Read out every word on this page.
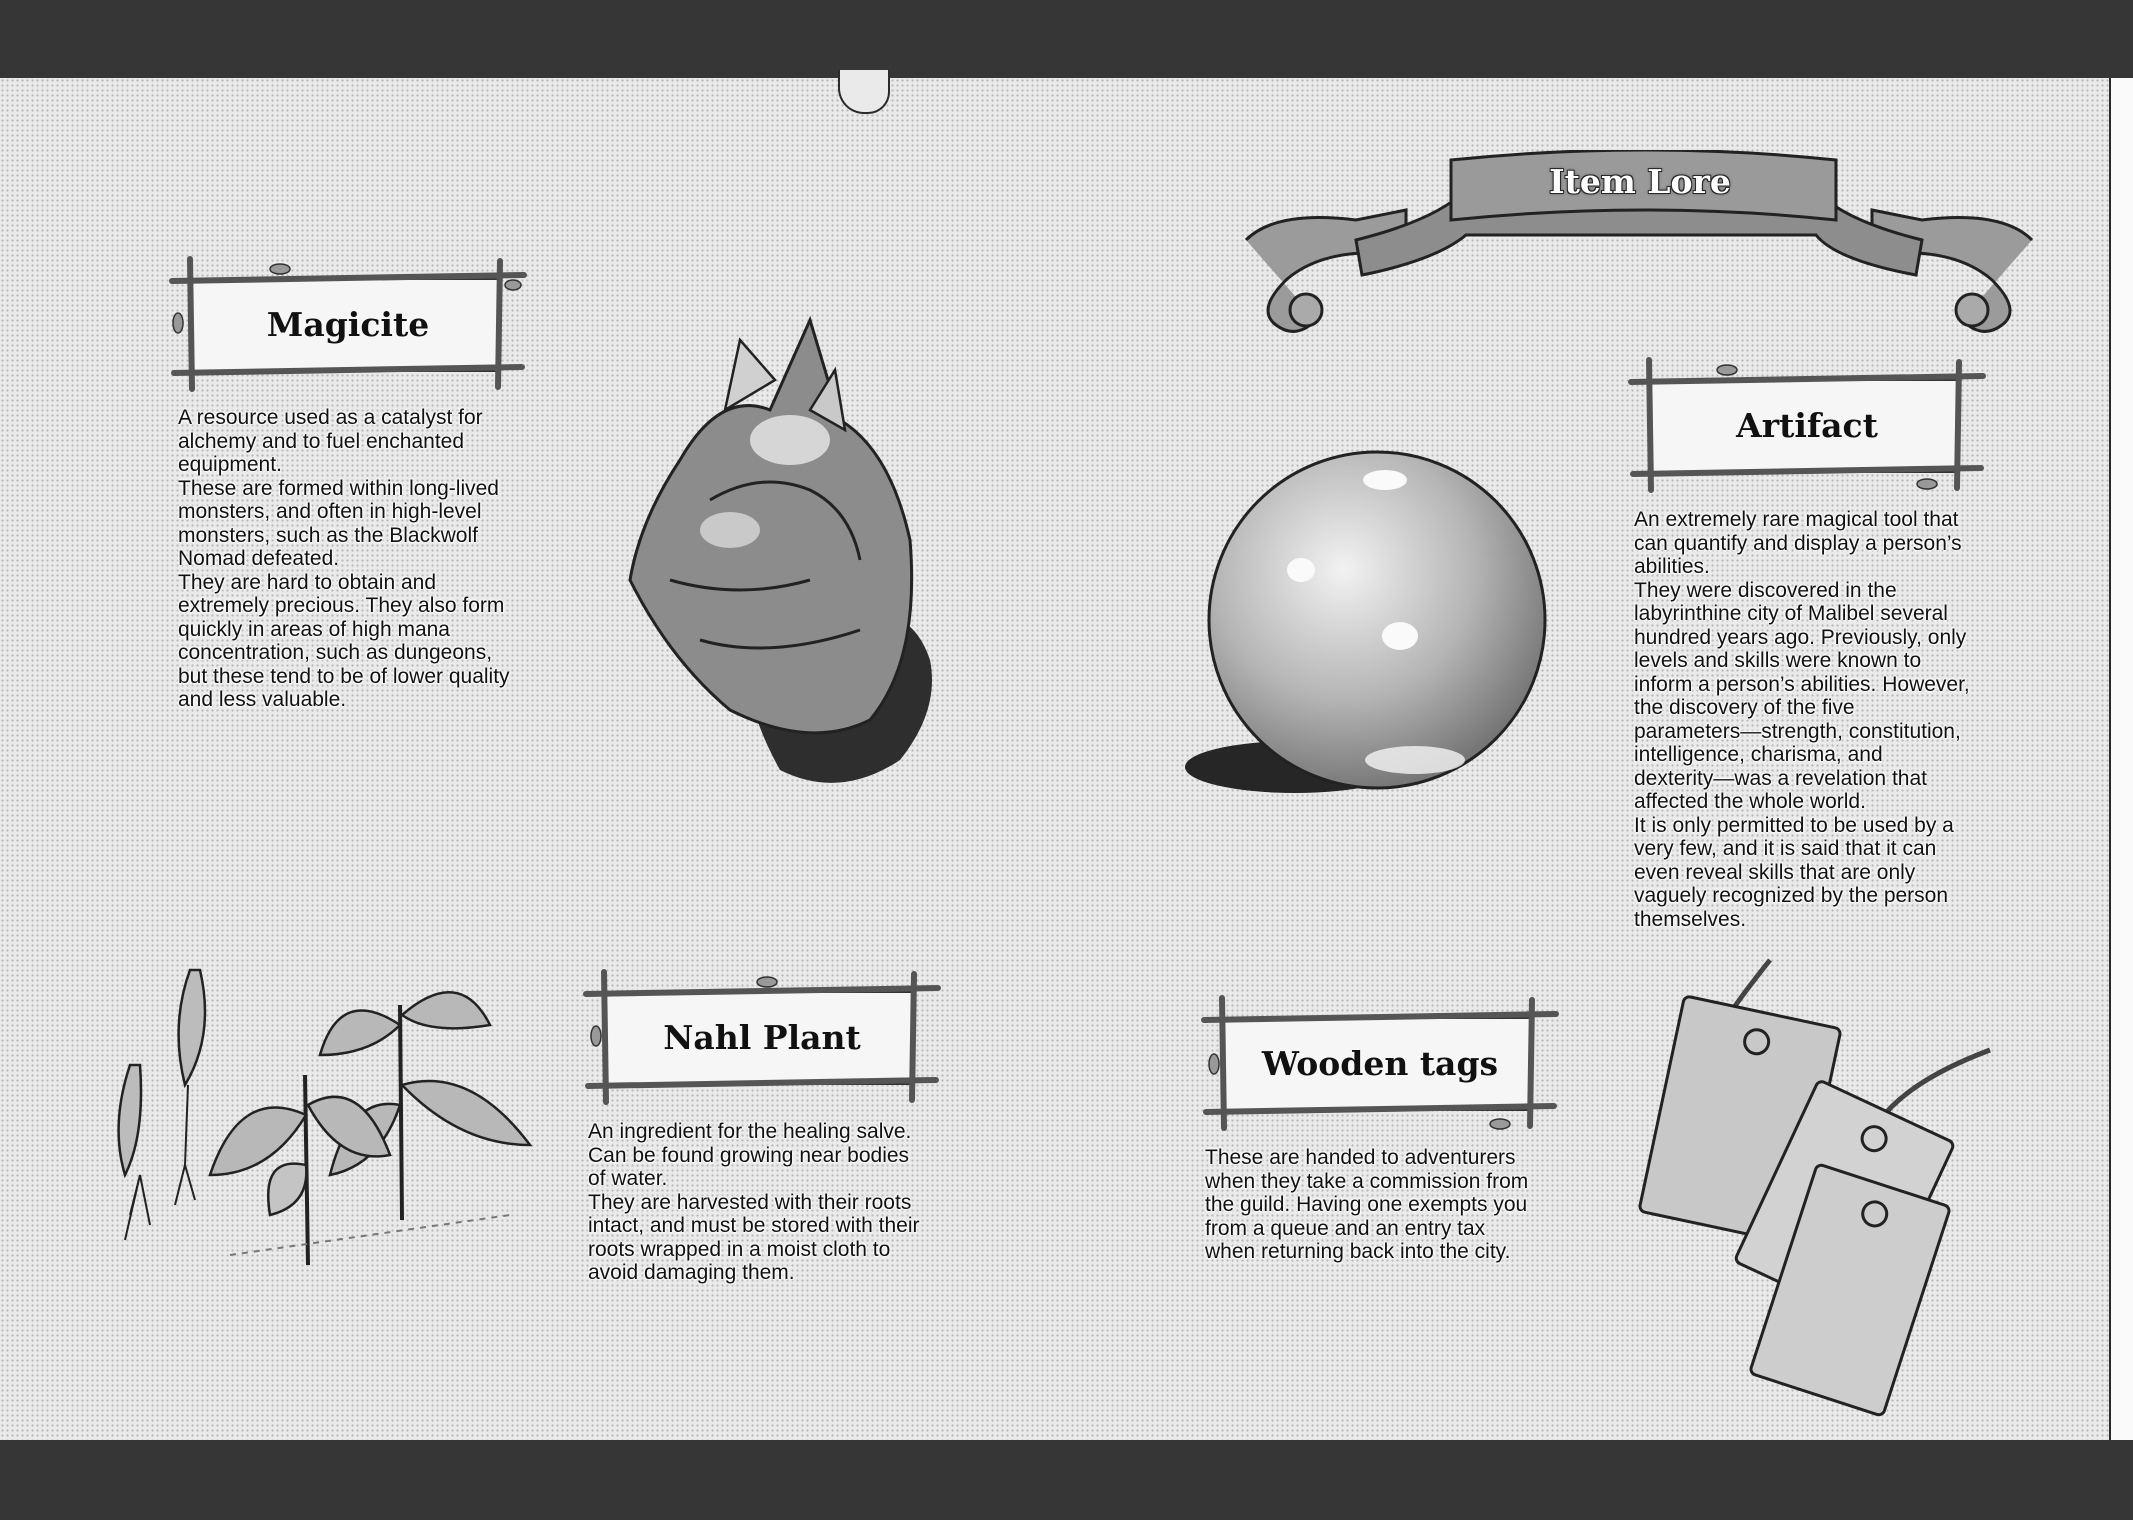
Item Lore
Magicite
A resource used as a catalyst for
alchemy and to fuel enchanted
equipment.
These are formed within long-lived
monsters, and often in high-level
monsters, such as the Blackwolf
Nomad defeated.
They are hard to obtain and
extremely precious. They also form
quickly in areas of high mana
concentration, such as dungeons,
but these tend to be of lower quality
and less valuable.
Artifact
An extremely rare magical tool that
can quantify and display a person’s
abilities.
They were discovered in the
labyrinthine city of Malibel several
hundred years ago. Previously, only
levels and skills were known to
inform a person’s abilities. However,
the discovery of the five
parameters—strength, constitution,
intelligence, charisma, and
dexterity—was a revelation that
affected the whole world.
It is only permitted to be used by a
very few, and it is said that it can
even reveal skills that are only
vaguely recognized by the person
themselves.
Nahl Plant
An ingredient for the healing salve.
Can be found growing near bodies
of water.
They are harvested with their roots
intact, and must be stored with their
roots wrapped in a moist cloth to
avoid damaging them.
Wooden tags
These are handed to adventurers
when they take a commission from
the guild. Having one exempts you
from a queue and an entry tax
when returning back into the city.
